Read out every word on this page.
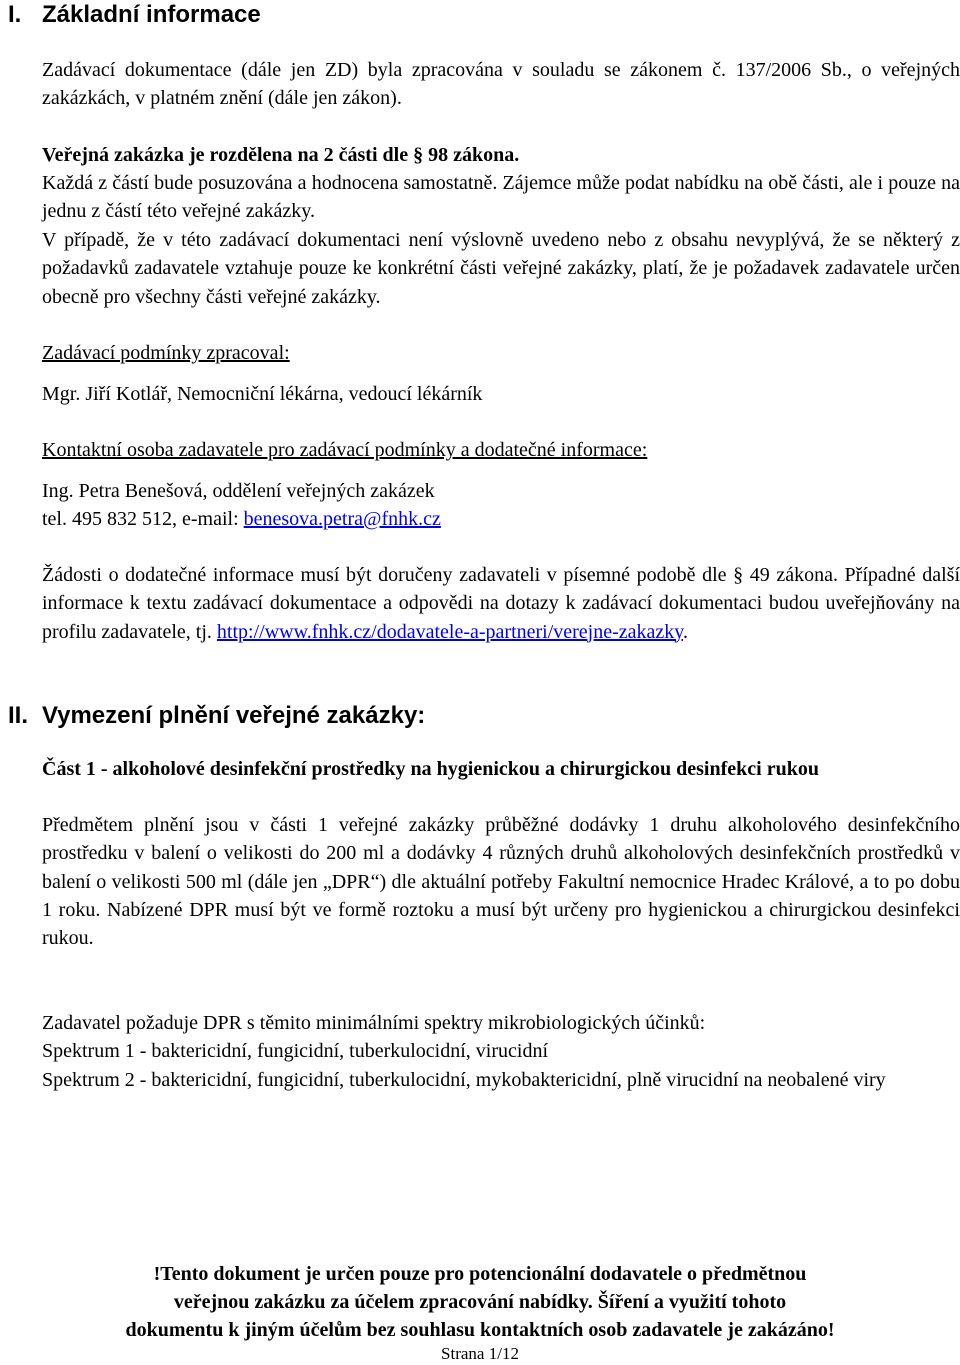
I. Základní informace

Zadávací dokumentace (dále jen ZD) byla zpracována v souladu se zákonem č. 137/2006 Sb., o veřejných zakázkách, v platném znění (dále jen zákon).

Veřejná zakázka je rozdělena na 2 části dle § 98 zákona.

Každá z částí bude posuzována a hodnocena samostatně. Zájemce může podat nabídku na obě části, ale i pouze na jednu z částí této veřejné zakázky.

V případě, že v této zadávací dokumentaci není výslovně uvedeno nebo z obsahu nevyplývá, že se některý z požadavků zadavatele vztahuje pouze ke konkrétní části veřejné zakázky, platí, že je požadavek zadavatele určen obecně pro všechny části veřejné zakázky.

Zadávací podmínky zpracoval:

Mgr. Jiří Kotlář, Nemocniční lékárna, vedoucí lékárník

Kontaktní osoba zadavatele pro zadávací podmínky a dodatečné informace:

Ing. Petra Benešová, oddělení veřejných zakázek

tel. 495 832 512, e-mail: benesova.petra@fnhk.cz

Žádosti o dodatečné informace musí být doručeny zadavateli v písemné podobě dle § 49 zákona. Případné další informace k textu zadávací dokumentace a odpovědi na dotazy k zadávací dokumentaci budou uveřejňovány na profilu zadavatele, tj. http://www.fnhk.cz/dodavatele-a-partneri/verejne-zakazky.

II. Vymezení plnění veřejné zakázky:

Část 1 - alkoholové desinfekční prostředky na hygienickou a chirurgickou desinfekci rukou

Předmětem plnění jsou v části 1 veřejné zakázky průběžné dodávky 1 druhu alkoholového desinfekčního prostředku v balení o velikosti do 200 ml a dodávky 4 různých druhů alkoholových desinfekčních prostředků v balení o velikosti 500 ml (dále jen „DPR“) dle aktuální potřeby Fakultní nemocnice Hradec Králové, a to po dobu 1 roku. Nabízené DPR musí být ve formě roztoku a musí být určeny pro hygienickou a chirurgickou desinfekci rukou.

Zadavatel požaduje DPR s těmito minimálními spektry mikrobiologických účinků:

Spektrum 1 - baktericidní, fungicidní, tuberkulocidní, virucidní

Spektrum 2 - baktericidní, fungicidní, tuberkulocidní, mykobaktericidní, plně virucidní na neobalené viry

!Tento dokument je určen pouze pro potencionální dodavatele o předmětnou
veřejnou zakázku za účelem zpracování nabídky. Šíření a využití tohoto
dokumentu k jiným účelům bez souhlasu kontaktních osob zadavatele je zakázáno!
Strana 1/12
